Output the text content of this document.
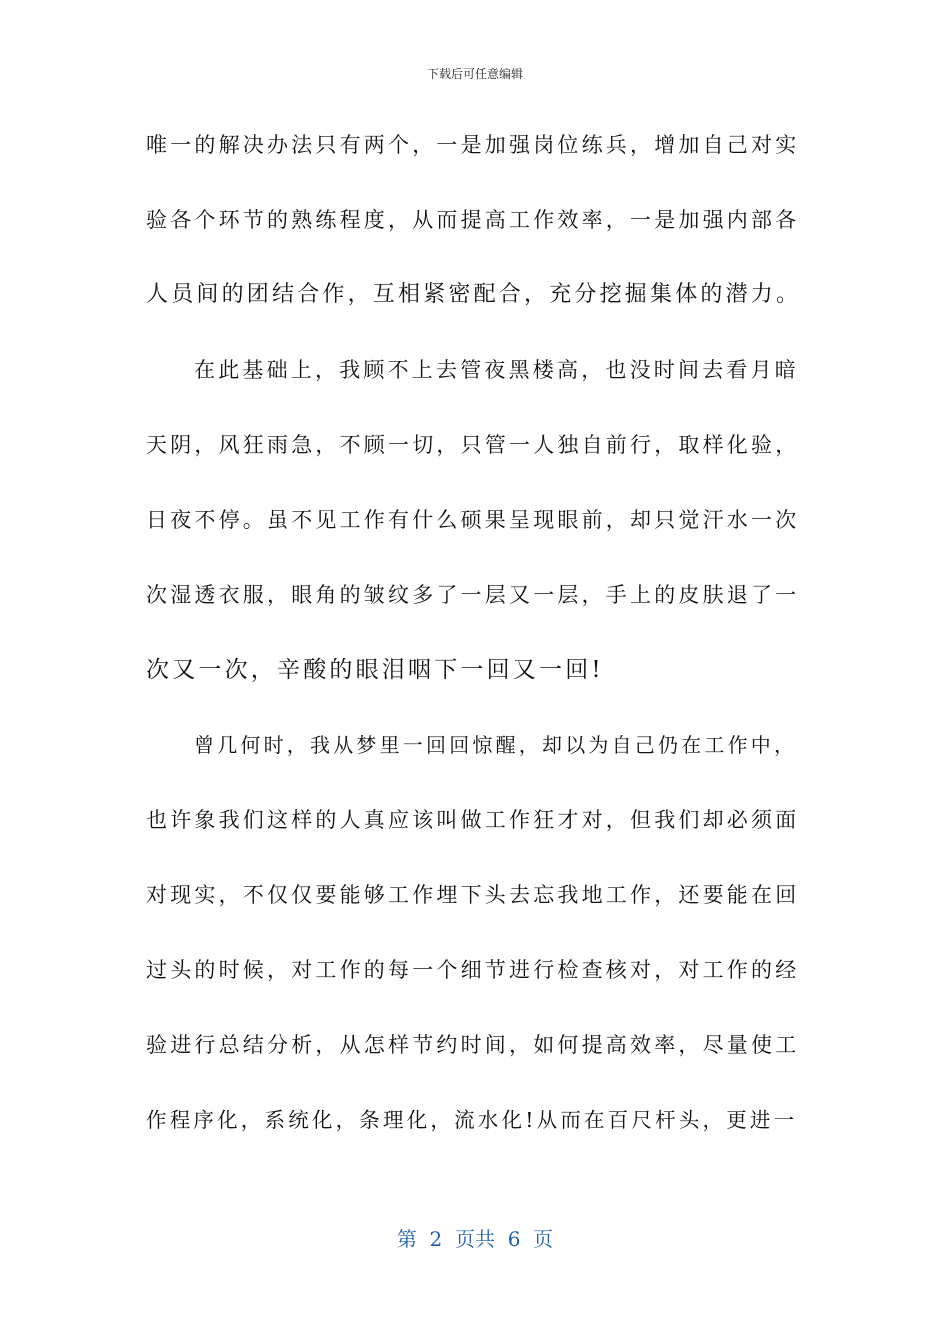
下载后可任意编辑
唯一的解决办法只有两个，一是加强岗位练兵，增加自己对实
验各个环节的熟练程度，从而提高工作效率，一是加强内部各
人员间的团结合作，互相紧密配合，充分挖掘集体的潜力。
在此基础上，我顾不上去管夜黑楼高，也没时间去看月暗
天阴，风狂雨急，不顾一切，只管一人独自前行，取样化验，
日夜不停。虽不见工作有什么硕果呈现眼前，却只觉汗水一次
次湿透衣服，眼角的皱纹多了一层又一层，手上的皮肤退了一
次又一次，辛酸的眼泪咽下一回又一回!
曾几何时，我从梦里一回回惊醒，却以为自己仍在工作中，
也许象我们这样的人真应该叫做工作狂才对，但我们却必须面
对现实，不仅仅要能够工作埋下头去忘我地工作，还要能在回
过头的时候，对工作的每一个细节进行检查核对，对工作的经
验进行总结分析，从怎样节约时间，如何提高效率，尽量使工
作程序化，系统化，条理化，流水化!从而在百尺杆头，更进一
第  2  页共  6  页
